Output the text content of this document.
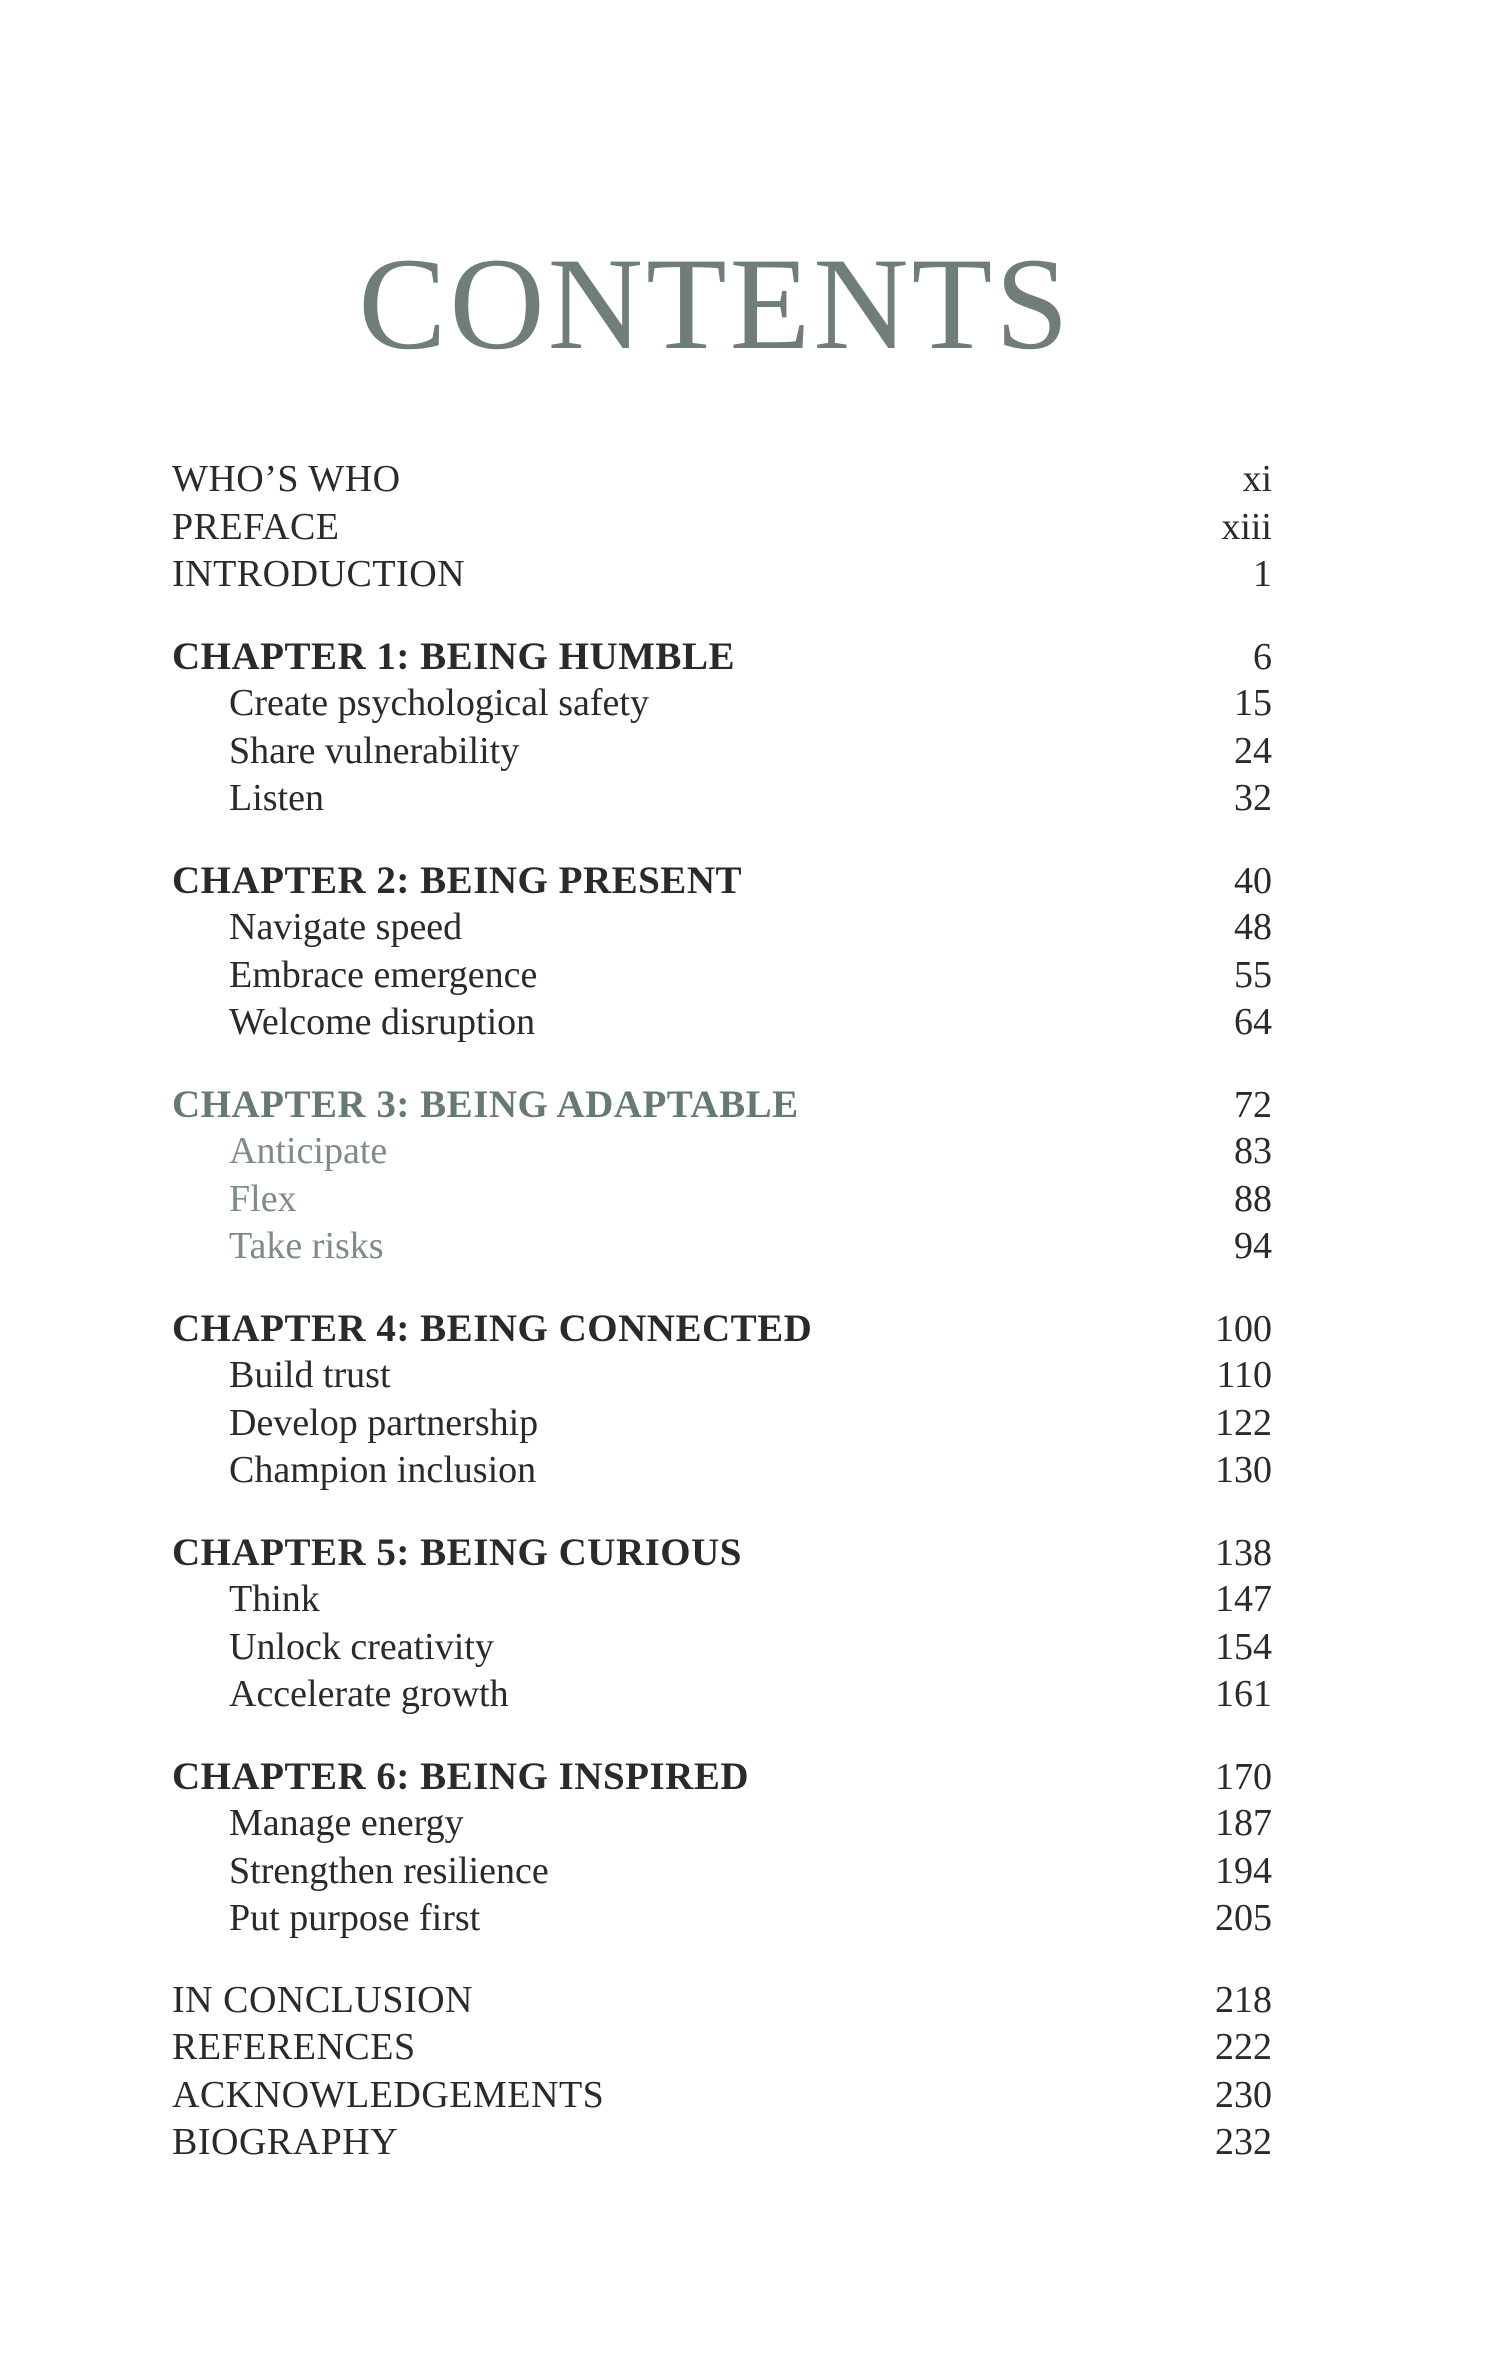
CONTENTS
WHO’S WHO	xi
PREFACE	xiii
INTRODUCTION	1
CHAPTER 1: BEING HUMBLE	6
Create psychological safety	15
Share vulnerability	24
Listen	32
CHAPTER 2: BEING PRESENT	40
Navigate speed	48
Embrace emergence	55
Welcome disruption	64
CHAPTER 3: BEING ADAPTABLE	72
Anticipate	83
Flex	88
Take risks	94
CHAPTER 4: BEING CONNECTED	100
Build trust	110
Develop partnership	122
Champion inclusion	130
CHAPTER 5: BEING CURIOUS	138
Think	147
Unlock creativity	154
Accelerate growth	161
CHAPTER 6: BEING INSPIRED	170
Manage energy	187
Strengthen resilience	194
Put purpose first	205
IN CONCLUSION	218
REFERENCES	222
ACKNOWLEDGEMENTS	230
BIOGRAPHY	232
